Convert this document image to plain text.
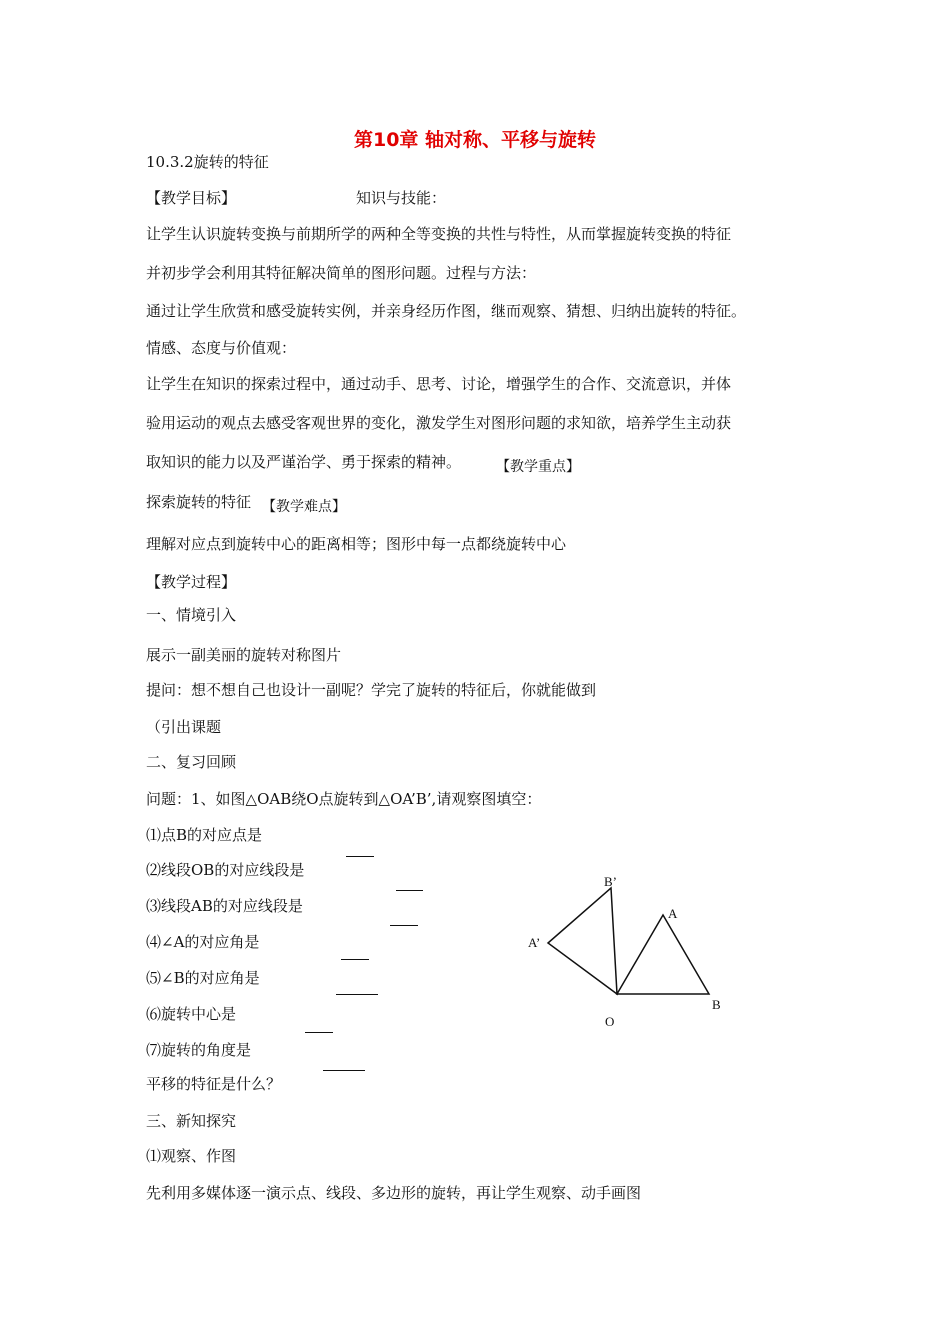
第10章 轴对称、平移与旋转
10.3.2旋转的特征
【教学目标】	知识与技能：
让学生认识旋转变换与前期所学的两种全等变换的共性与特性，从而掌握旋转变换的特征
并初步学会利用其特征解决简单的图形问题。过程与方法：
通过让学生欣赏和感受旋转实例，并亲身经历作图，继而观察、猜想、归纳出旋转的特征。
情感、态度与价值观：
让学生在知识的探索过程中，通过动手、思考、讨论，增强学生的合作、交流意识，并体
验用运动的观点去感受客观世界的变化，激发学生对图形问题的求知欲，培养学生主动获
取知识的能力以及严谨治学、勇于探索的精神。 【教学重点】
探索旋转的特征 【教学难点】
理解对应点到旋转中心的距离相等；图形中每一点都绕旋转中心
【教学过程】
一、情境引入
展示一副美丽的旋转对称图片
提问：想不想自己也设计一副呢？学完了旋转的特征后，你就能做到
（引出课题
二、复习回顾
问题：1、如图△OAB绕O点旋转到△OA’B’,请观察图填空：
⑴点B的对应点是
⑵线段OB的对应线段是
⑶线段AB的对应线段是
⑷∠A的对应角是
⑸∠B的对应角是
⑹旋转中心是
⑺旋转的角度是
平移的特征是什么？
三、新知探究
⑴观察、作图
先利用多媒体逐一演示点、线段、多边形的旋转，再让学生观察、动手画图
B’
A
A’
O
B
